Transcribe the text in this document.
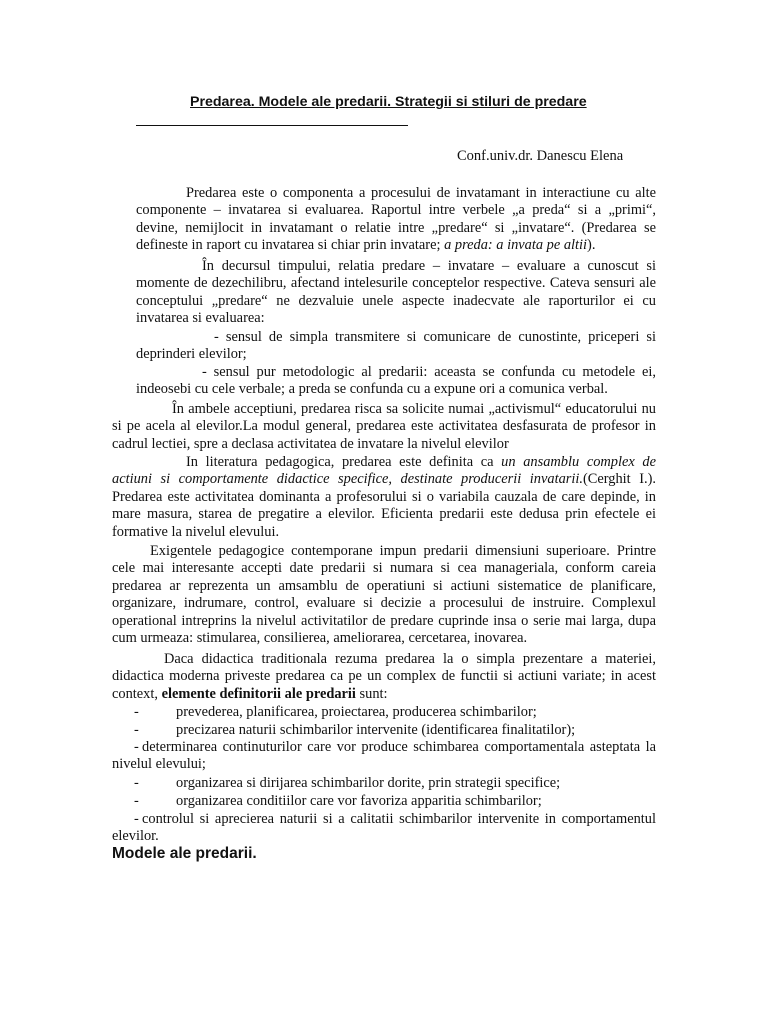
Predarea. Modele ale predarii. Strategii si stiluri de predare
Conf.univ.dr. Danescu Elena
Predarea este o componenta a procesului de invatamant in interactiune cu alte componente – invatarea si evaluarea. Raportul intre verbele „a preda“ si a „primi“, devine, nemijlocit in invatamant o relatie intre „predare“ si „invatare“. (Predarea se defineste in raport cu invatarea si chiar prin invatare; a preda: a invata pe altii).
În decursul timpului, relatia predare – invatare – evaluare a cunoscut si momente de dezechilibru, afectand intelesurile conceptelor respective. Cateva sensuri ale conceptului „predare“ ne dezvaluie unele aspecte inadecvate ale raporturilor ei cu invatarea si evaluarea:
- sensul de simpla transmitere si comunicare de cunostinte, priceperi si deprinderi elevilor;
- sensul pur metodologic al predarii: aceasta se confunda cu metodele ei, indeosebi cu cele verbale; a preda se confunda cu a expune ori a comunica verbal.
În ambele acceptiuni, predarea risca sa solicite numai „activismul“ educatorului nu si pe acela al elevilor.La modul general, predarea este activitatea desfasurata de profesor in cadrul lectiei, spre a declasa activitatea de invatare la nivelul elevilor
In literatura pedagogica, predarea este definita ca un ansamblu complex de actiuni si comportamente didactice specifice, destinate producerii invatarii.(Cerghit I.). Predarea este activitatea dominanta a profesorului si o variabila cauzala de care depinde, in mare masura, starea de pregatire a elevilor. Eficienta predarii este dedusa prin efectele ei formative la nivelul elevului.
Exigentele pedagogice contemporane impun predarii dimensiuni superioare. Printre cele mai interesante accepti date predarii si numara si cea manageriala, conform careia predarea ar reprezenta un amsamblu de operatiuni si actiuni sistematice de planificare, organizare, indrumare, control, evaluare si decizie a procesului de instruire. Complexul operational intreprins la nivelul activitatilor de predare cuprinde insa o serie mai larga, dupa cum urmeaza: stimularea, consilierea, ameliorarea, cercetarea, inovarea.
Daca didactica traditionala rezuma predarea la o simpla prezentare a materiei, didactica moderna priveste predarea ca pe un complex de functii si actiuni variate; in acest context, elemente definitorii ale predarii sunt:
-	prevederea, planificarea, proiectarea, producerea schimbarilor;
-	precizarea naturii schimbarilor intervenite (identificarea finalitatilor);
- determinarea continuturilor care vor produce schimbarea comportamentala asteptata la nivelul elevului;
-	organizarea si dirijarea schimbarilor dorite, prin strategii specifice;
-	organizarea conditiilor care vor favoriza apparitia schimbarilor;
- controlul si aprecierea naturii si a calitatii schimbarilor intervenite in comportamentul elevilor.
Modele ale predarii.
